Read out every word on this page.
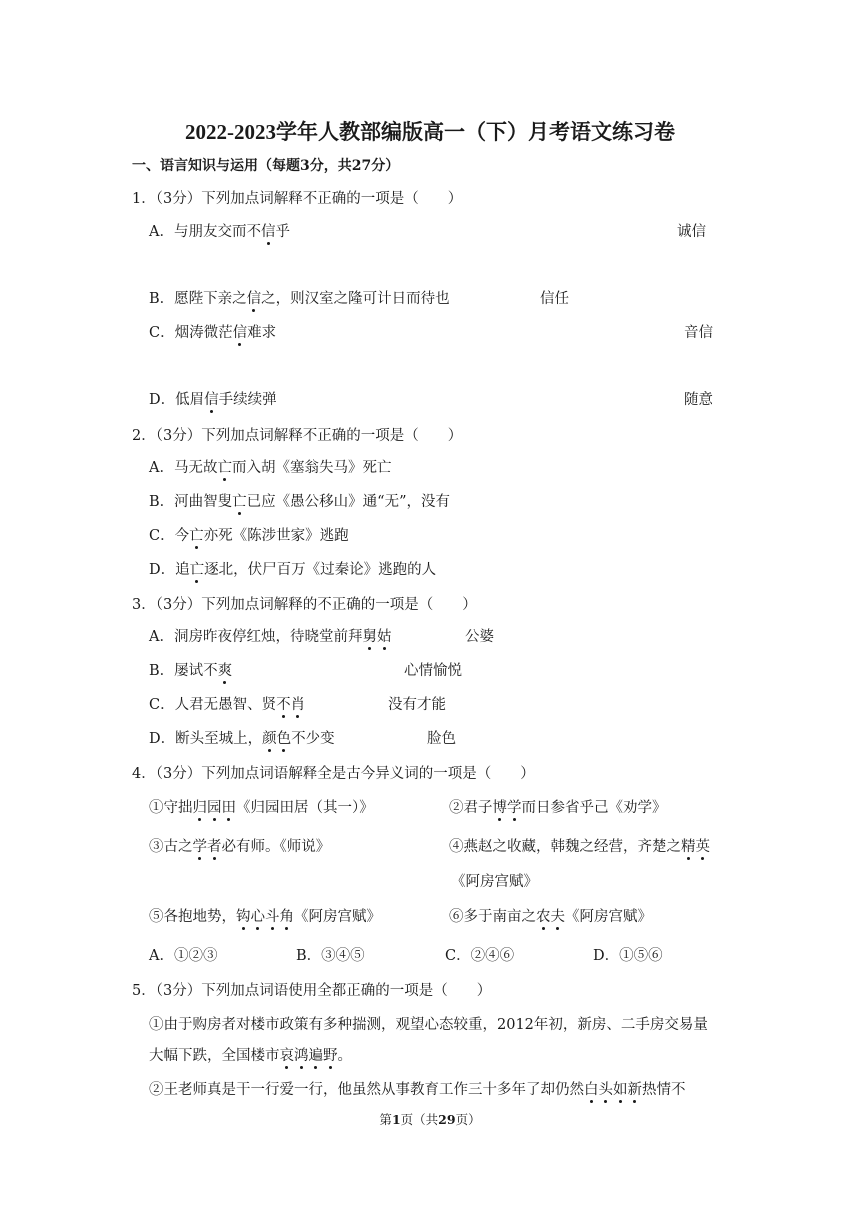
2022-2023学年人教部编版高一（下）月考语文练习卷
一、语言知识与运用（每题3分，共27分）
1．（3分）下列加点词解释不正确的一项是（　　）
A．与朋友交而不信乎	诚信
B．愿陛下亲之信之，则汉室之隆可计日而待也	信任
C．烟涛微茫信难求	音信
D．低眉信手续续弹	随意
2．（3分）下列加点词解释不正确的一项是（　　）
A．马无故亡而入胡《塞翁失马》死亡
B．河曲智叟亡已应《愚公移山》通“无”，没有
C．今亡亦死《陈涉世家》逃跑
D．追亡逐北，伏尸百万《过秦论》逃跑的人
3．（3分）下列加点词解释的不正确的一项是（　　）
A．洞房昨夜停红烛，待晓堂前拜舅姑	公婆
B．屡试不爽	心情愉悦
C．人君无愚智、贤不肖	没有才能
D．断头至城上，颜色不少变	脸色
4．（3分）下列加点词语解释全是古今异义词的一项是（　　）
①守拙归园田《归园田居（其一）》	②君子博学而日参省乎己《劝学》
③古之学者必有师。《师说》	④燕赵之收藏，韩魏之经营，齐楚之精英
《阿房宫赋》
⑤各抱地势，钩心斗角《阿房宫赋》	⑥多于南亩之农夫《阿房宫赋》
A．①②③	B．③④⑤	C．②④⑥	D．①⑤⑥
5．（3分）下列加点词语使用全都正确的一项是（　　）
①由于购房者对楼市政策有多种揣测，观望心态较重，2012年初，新房、二手房交易量
大幅下跌，全国楼市哀鸿遍野。
②王老师真是干一行爱一行，他虽然从事教育工作三十多年了却仍然白头如新热情不
第1页（共29页）
